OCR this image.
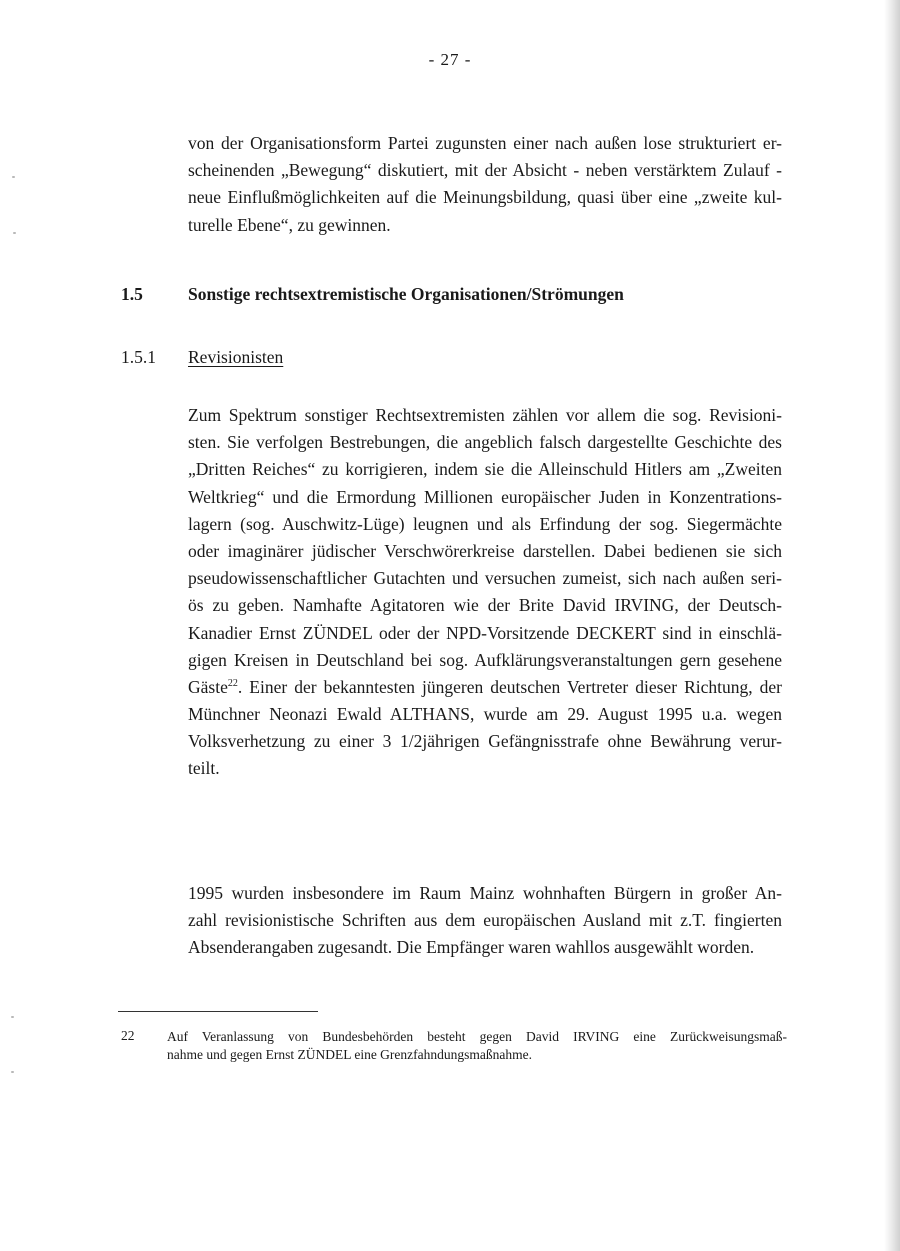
- 27 -
von der Organisationsform Partei zugunsten einer nach außen lose strukturiert er-
scheinenden „Bewegung“ diskutiert, mit der Absicht - neben verstärktem Zulauf -
neue Einflußmöglichkeiten auf die Meinungsbildung, quasi über eine „zweite kul-
turelle Ebene“, zu gewinnen.
1.5	Sonstige rechtsextremistische Organisationen/Strömungen
1.5.1 Revisionisten
Zum Spektrum sonstiger Rechtsextremisten zählen vor allem die sog. Revisioni-
sten. Sie verfolgen Bestrebungen, die angeblich falsch dargestellte Geschichte des
„Dritten Reiches“ zu korrigieren, indem sie die Alleinschuld Hitlers am „Zweiten
Weltkrieg“ und die Ermordung Millionen europäischer Juden in Konzentrations-
lagern (sog. Auschwitz-Lüge) leugnen und als Erfindung der sog. Siegermächte
oder imaginärer jüdischer Verschwörerkreise darstellen. Dabei bedienen sie sich
pseudowissenschaftlicher Gutachten und versuchen zumeist, sich nach außen seri-
ös zu geben. Namhafte Agitatoren wie der Brite David IRVING, der Deutsch-
Kanadier Ernst ZÜNDEL oder der NPD-Vorsitzende DECKERT sind in einschlä-
gigen Kreisen in Deutschland bei sog. Aufklärungsveranstaltungen gern gesehene
Gäste$^{22}$. Einer der bekanntesten jüngeren deutschen Vertreter dieser Richtung, der
Münchner Neonazi Ewald ALTHANS, wurde am 29. August 1995 u.a. wegen
Volksverhetzung zu einer 3 1/2jährigen Gefängnisstrafe ohne Bewährung verur-
teilt.
1995 wurden insbesondere im Raum Mainz wohnhaften Bürgern in großer An-
zahl revisionistische Schriften aus dem europäischen Ausland mit z.T. fingierten
Absenderangaben zugesandt. Die Empfänger waren wahllos ausgewählt worden.
22 Auf Veranlassung von Bundesbehörden besteht gegen David IRVING eine Zurückweisungsmaß-
nahme und gegen Ernst ZÜNDEL eine Grenzfahndungsmaßnahme.
